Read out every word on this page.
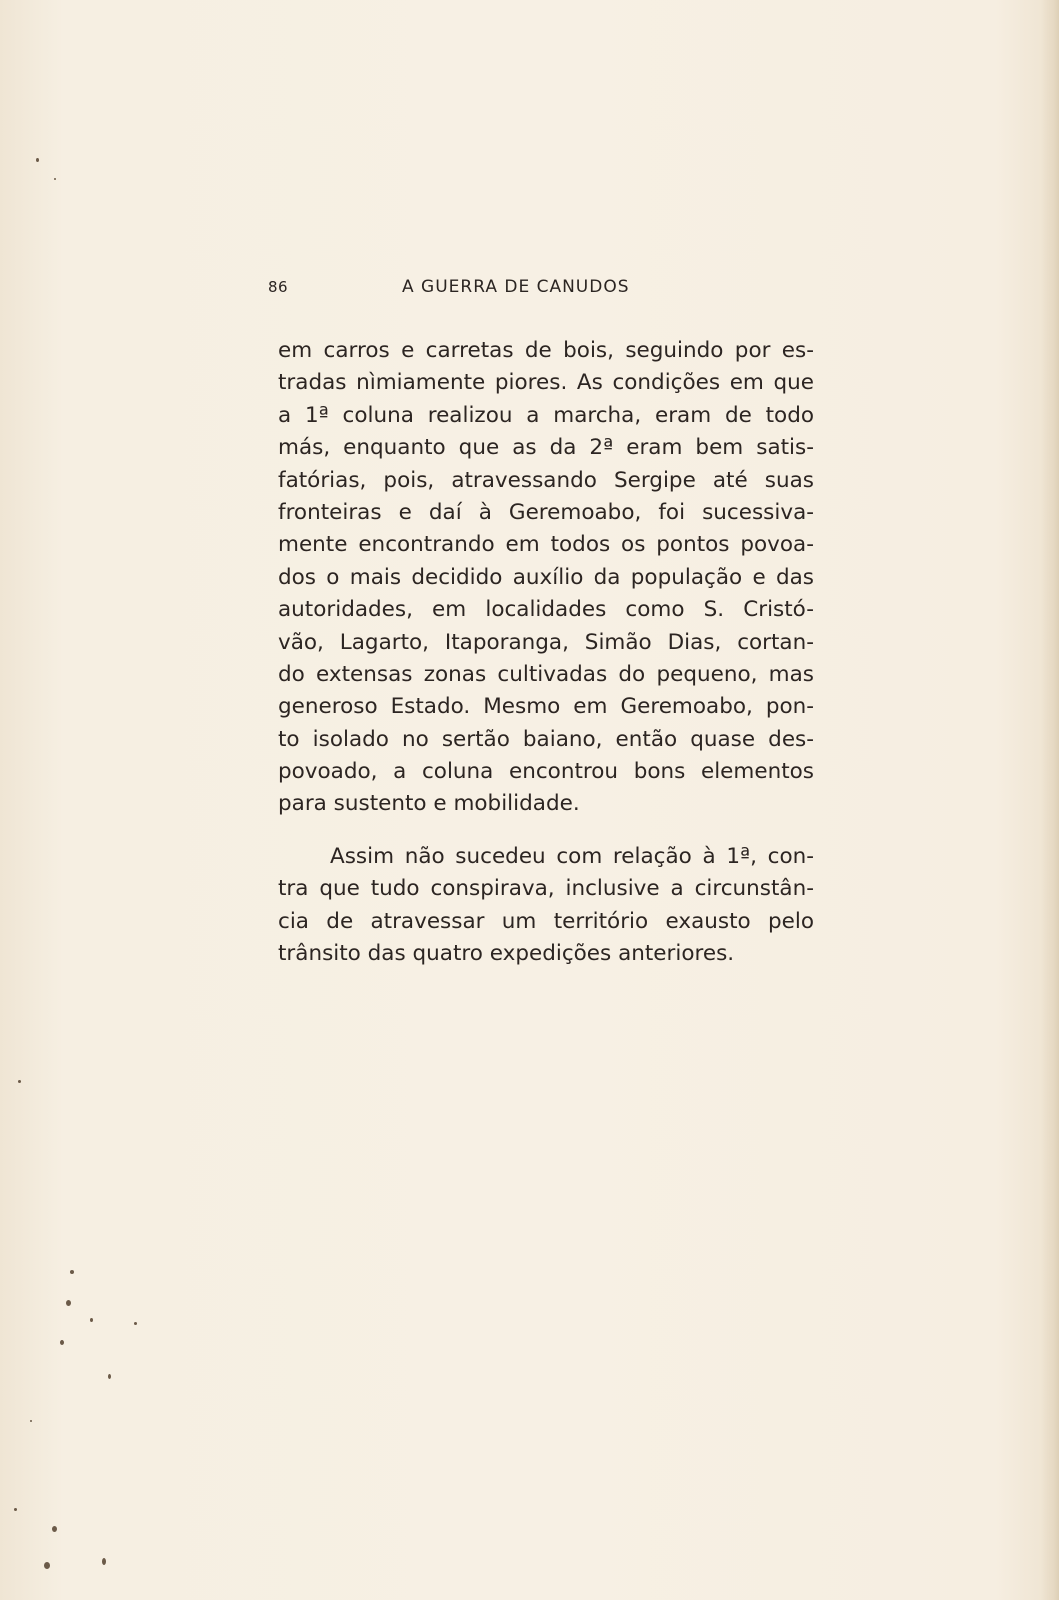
86	A GUERRA DE CANUDOS

em carros e carretas de bois, seguindo por es-
tradas nìmiamente piores. As condições em que
a 1ª coluna realizou a marcha, eram de todo
más, enquanto que as da 2ª eram bem satis-
fatórias, pois, atravessando Sergipe até suas
fronteiras e daí à Geremoabo, foi sucessiva-
mente encontrando em todos os pontos povoa-
dos o mais decidido auxílio da população e das
autoridades, em localidades como S. Cristó-
vão, Lagarto, Itaporanga, Simão Dias, cortan-
do extensas zonas cultivadas do pequeno, mas
generoso Estado. Mesmo em Geremoabo, pon-
to isolado no sertão baiano, então quase des-
povoado, a coluna encontrou bons elementos
para sustento e mobilidade.

Assim não sucedeu com relação à 1ª, con-
tra que tudo conspirava, inclusive a circunstân-
cia de atravessar um território exausto pelo
trânsito das quatro expedições anteriores.
